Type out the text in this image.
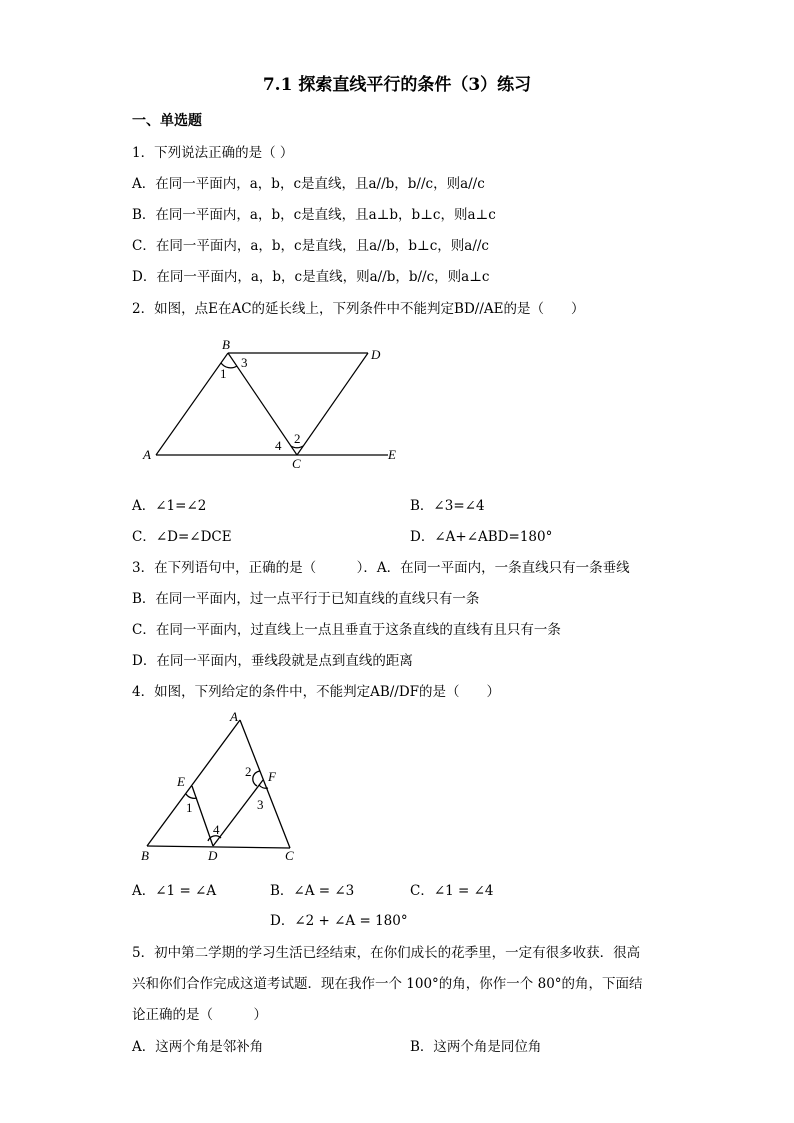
7.1 探索直线平行的条件（3）练习
一、单选题
1．下列说法正确的是（ ）
A．在同一平面内，a，b，c是直线，且a//b，b//c，则a//c
B．在同一平面内，a，b，c是直线，且a⊥b，b⊥c，则a⊥c
C．在同一平面内，a，b，c是直线，且a//b，b⊥c，则a//c
D．在同一平面内，a，b，c是直线，则a//b，b//c，则a⊥c
2．如图，点E在AC的延长线上，下列条件中不能判定BD//AE的是（　　）
B
D
A
C
E
1
3
2
4
A．∠1=∠2	B．∠3=∠4
C．∠D=∠DCE	D．∠A+∠ABD=180°
3．在下列语句中，正确的是（　　　）．A．在同一平面内，一条直线只有一条垂线
B．在同一平面内，过一点平行于已知直线的直线只有一条
C．在同一平面内，过直线上一点且垂直于这条直线的直线有且只有一条
D．在同一平面内，垂线段就是点到直线的距离
4．如图，下列给定的条件中，不能判定AB//DF的是（　　）
A
E	F
B	D	C
1
2
3
4
A．∠1 = ∠A	B．∠A = ∠3	C．∠1 = ∠4
D．∠2 + ∠A = 180°
5．初中第二学期的学习生活已经结束，在你们成长的花季里，一定有很多收获．很高
兴和你们合作完成这道考试题．现在我作一个 100°的角，你作一个 80°的角，下面结
论正确的是（　　　）
A．这两个角是邻补角	B．这两个角是同位角
